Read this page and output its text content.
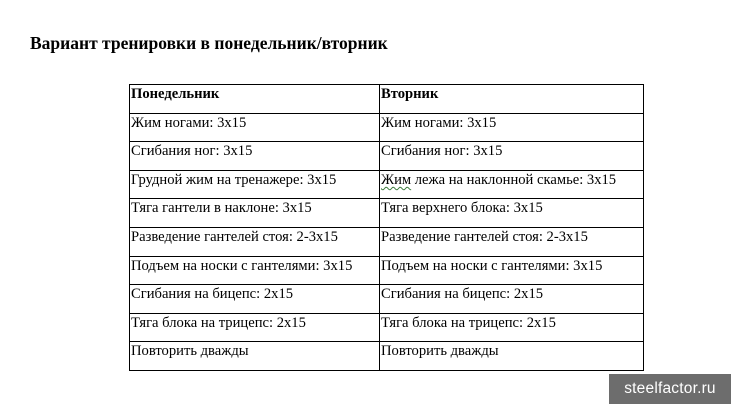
Вариант тренировки в понедельник/вторник
Понедельник	Вторник
Жим ногами: 3х15	Жим ногами: 3х15
Сгибания ног: 3х15	Сгибания ног: 3х15
Грудной жим на тренажере: 3х15	Жим лежа на наклонной скамье: 3х15
Тяга гантели в наклоне: 3х15	Тяга верхнего блока: 3х15
Разведение гантелей стоя: 2-3х15	Разведение гантелей стоя: 2-3х15
Подъем на носки с гантелями: 3х15	Подъем на носки с гантелями: 3х15
Сгибания на бицепс: 2х15	Сгибания на бицепс: 2х15
Тяга блока на трицепс: 2х15	Тяга блока на трицепс: 2х15
Повторить дважды	Повторить дважды
steelfactor.ru
